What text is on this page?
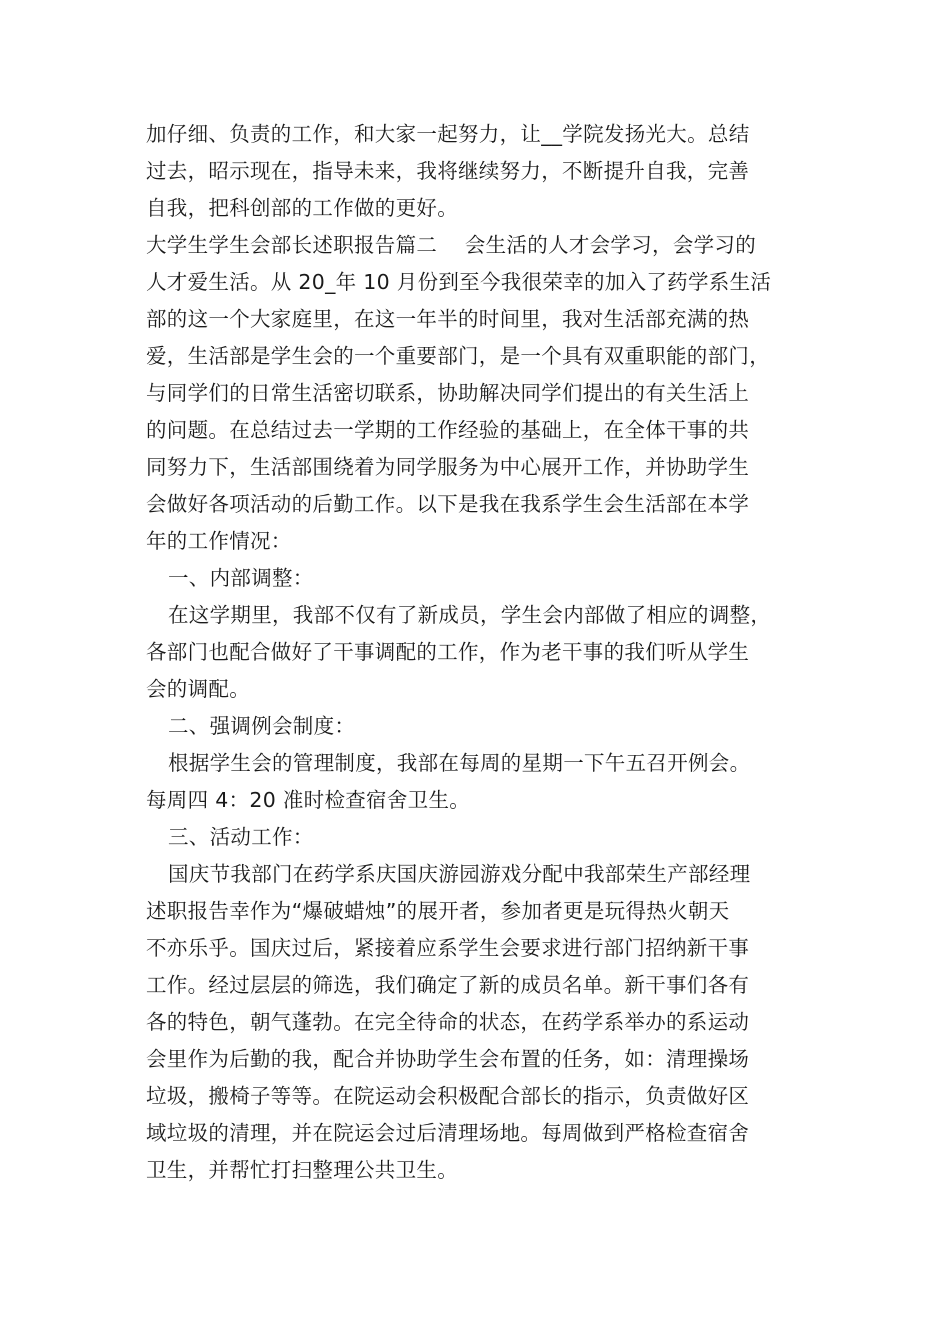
加仔细、负责的工作，和大家一起努力，让__学院发扬光大。总结
过去，昭示现在，指导未来，我将继续努力，不断提升自我，完善
自我，把科创部的工作做的更好。
大学生学生会部长述职报告篇二　 会生活的人才会学习，会学习的
人才爱生活。从 20_年 10 月份到至今我很荣幸的加入了药学系生活
部的这一个大家庭里，在这一年半的时间里，我对生活部充满的热
爱，生活部是学生会的一个重要部门，是一个具有双重职能的部门，
与同学们的日常生活密切联系，协助解决同学们提出的有关生活上
的问题。在总结过去一学期的工作经验的基础上，在全体干事的共
同努力下，生活部围绕着为同学服务为中心展开工作，并协助学生
会做好各项活动的后勤工作。以下是我在我系学生会生活部在本学
年的工作情况：
一、内部调整：
在这学期里，我部不仅有了新成员，学生会内部做了相应的调整，
各部门也配合做好了干事调配的工作，作为老干事的我们听从学生
会的调配。
二、强调例会制度：
根据学生会的管理制度，我部在每周的星期一下午五召开例会。
每周四 4：20 准时检查宿舍卫生。
三、活动工作：
国庆节我部门在药学系庆国庆游园游戏分配中我部荣生产部经理
述职报告幸作为“爆破蜡烛”的展开者，参加者更是玩得热火朝天
不亦乐乎。国庆过后，紧接着应系学生会要求进行部门招纳新干事
工作。经过层层的筛选，我们确定了新的成员名单。新干事们各有
各的特色，朝气蓬勃。在完全待命的状态，在药学系举办的系运动
会里作为后勤的我，配合并协助学生会布置的任务，如：清理操场
垃圾，搬椅子等等。在院运动会积极配合部长的指示，负责做好区
域垃圾的清理，并在院运会过后清理场地。每周做到严格检查宿舍
卫生，并帮忙打扫整理公共卫生。
